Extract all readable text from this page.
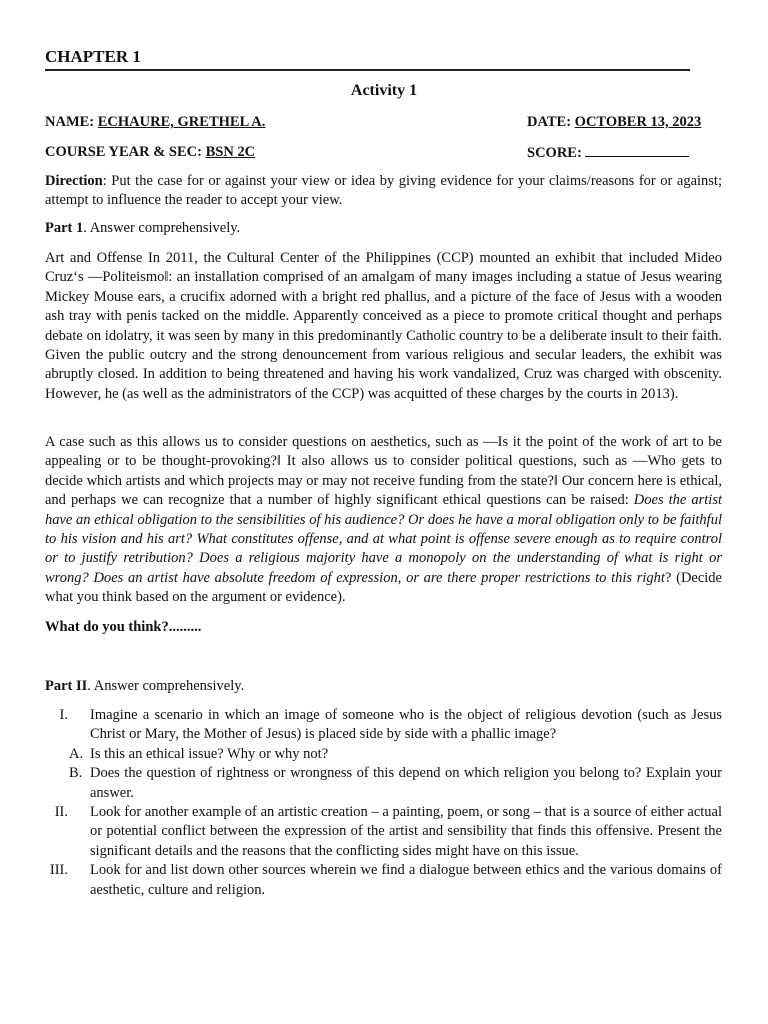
CHAPTER 1
Activity 1
NAME: ECHAURE, GRETHEL A.	DATE: OCTOBER 13, 2023
COURSE YEAR & SEC: BSN 2C	SCORE:
Direction: Put the case for or against your view or idea by giving evidence for your claims/reasons for or against; attempt to influence the reader to accept your view.
Part 1. Answer comprehensively.
Art and Offense In 2011, the Cultural Center of the Philippines (CCP) mounted an exhibit that included Mideo Cruz‘s ―Politeismo‖: an installation comprised of an amalgam of many images including a statue of Jesus wearing Mickey Mouse ears, a crucifix adorned with a bright red phallus, and a picture of the face of Jesus with a wooden ash tray with penis tacked on the middle. Apparently conceived as a piece to promote critical thought and perhaps debate on idolatry, it was seen by many in this predominantly Catholic country to be a deliberate insult to their faith. Given the public outcry and the strong denouncement from various religious and secular leaders, the exhibit was abruptly closed. In addition to being threatened and having his work vandalized, Cruz was charged with obscenity. However, he (as well as the administrators of the CCP) was acquitted of these charges by the courts in 2013).
A case such as this allows us to consider questions on aesthetics, such as ―Is it the point of the work of art to be appealing or to be thought-provoking?‖ It also allows us to consider political questions, such as ―Who gets to decide which artists and which projects may or may not receive funding from the state?‖ Our concern here is ethical, and perhaps we can recognize that a number of highly significant ethical questions can be raised: Does the artist have an ethical obligation to the sensibilities of his audience? Or does he have a moral obligation only to be faithful to his vision and his art? What constitutes offense, and at what point is offense severe enough as to require control or to justify retribution? Does a religious majority have a monopoly on the understanding of what is right or wrong? Does an artist have absolute freedom of expression, or are there proper restrictions to this right? (Decide what you think based on the argument or evidence).
What do you think?.........
Part II. Answer comprehensively.
I. Imagine a scenario in which an image of someone who is the object of religious devotion (such as Jesus Christ or Mary, the Mother of Jesus) is placed side by side with a phallic image?
A. Is this an ethical issue? Why or why not?
B. Does the question of rightness or wrongness of this depend on which religion you belong to? Explain your answer.
II. Look for another example of an artistic creation – a painting, poem, or song – that is a source of either actual or potential conflict between the expression of the artist and sensibility that finds this offensive. Present the significant details and the reasons that the conflicting sides might have on this issue.
III. Look for and list down other sources wherein we find a dialogue between ethics and the various domains of aesthetic, culture and religion.
